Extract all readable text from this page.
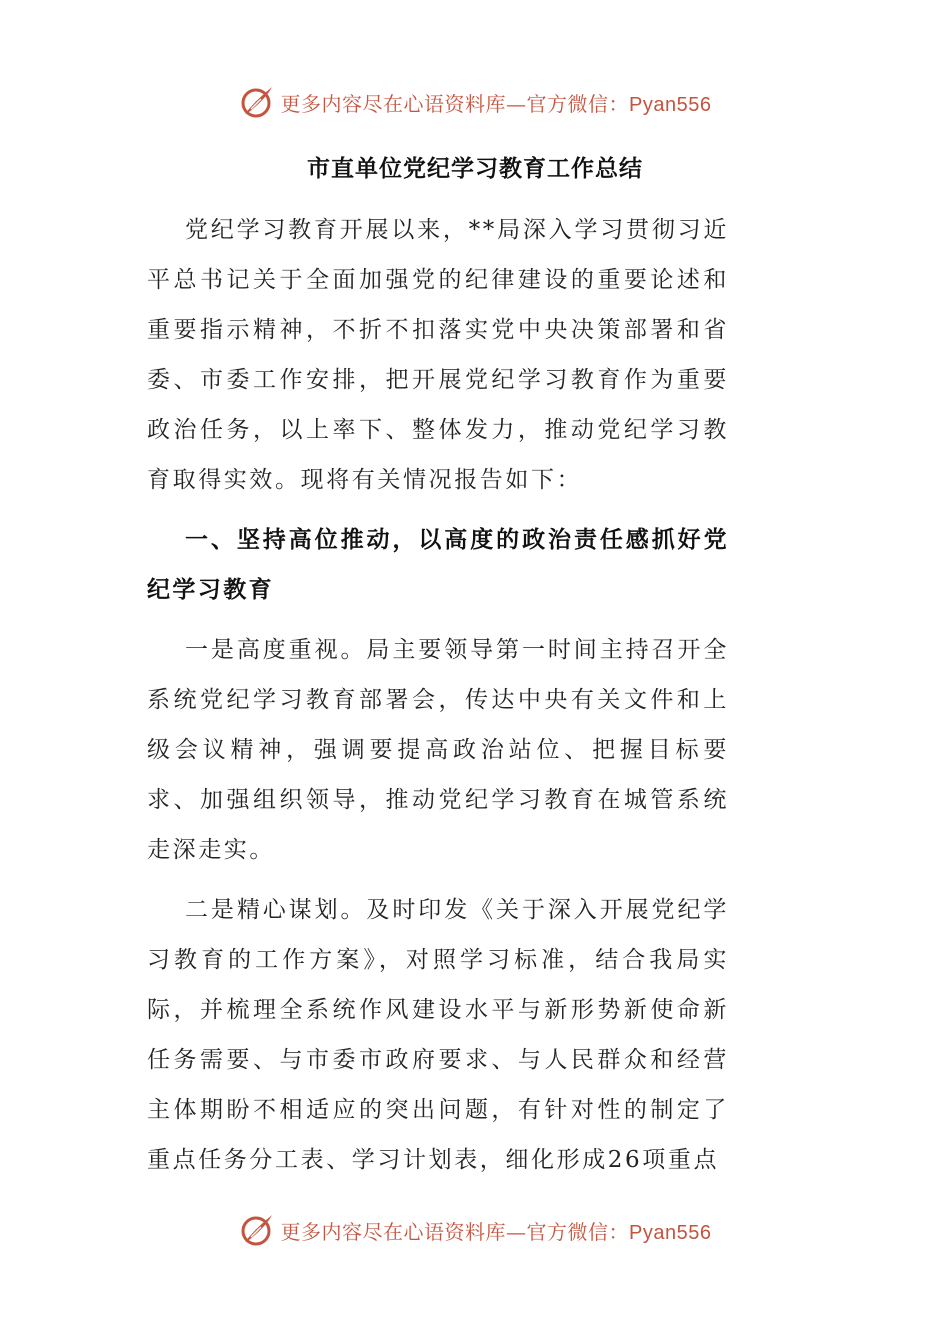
更多内容尽在心语资料库—官方微信：Pyan556
市直单位党纪学习教育工作总结

党纪学习教育开展以来，**局深入学习贯彻习近平总书记关于全面加强党的纪律建设的重要论述和重要指示精神，不折不扣落实党中央决策部署和省委、市委工作安排，把开展党纪学习教育作为重要政治任务，以上率下、整体发力，推动党纪学习教育取得实效。现将有关情况报告如下：

一、坚持高位推动，以高度的政治责任感抓好党纪学习教育

一是高度重视。局主要领导第一时间主持召开全系统党纪学习教育部署会，传达中央有关文件和上级会议精神，强调要提高政治站位、把握目标要求、加强组织领导，推动党纪学习教育在城管系统走深走实。

二是精心谋划。及时印发《关于深入开展党纪学习教育的工作方案》，对照学习标准，结合我局实际，并梳理全系统作风建设水平与新形势新使命新任务需要、与市委市政府要求、与人民群众和经营主体期盼不相适应的突出问题，有针对性的制定了重点任务分工表、学习计划表，细化形成26项重点

更多内容尽在心语资料库—官方微信：Pyan556
